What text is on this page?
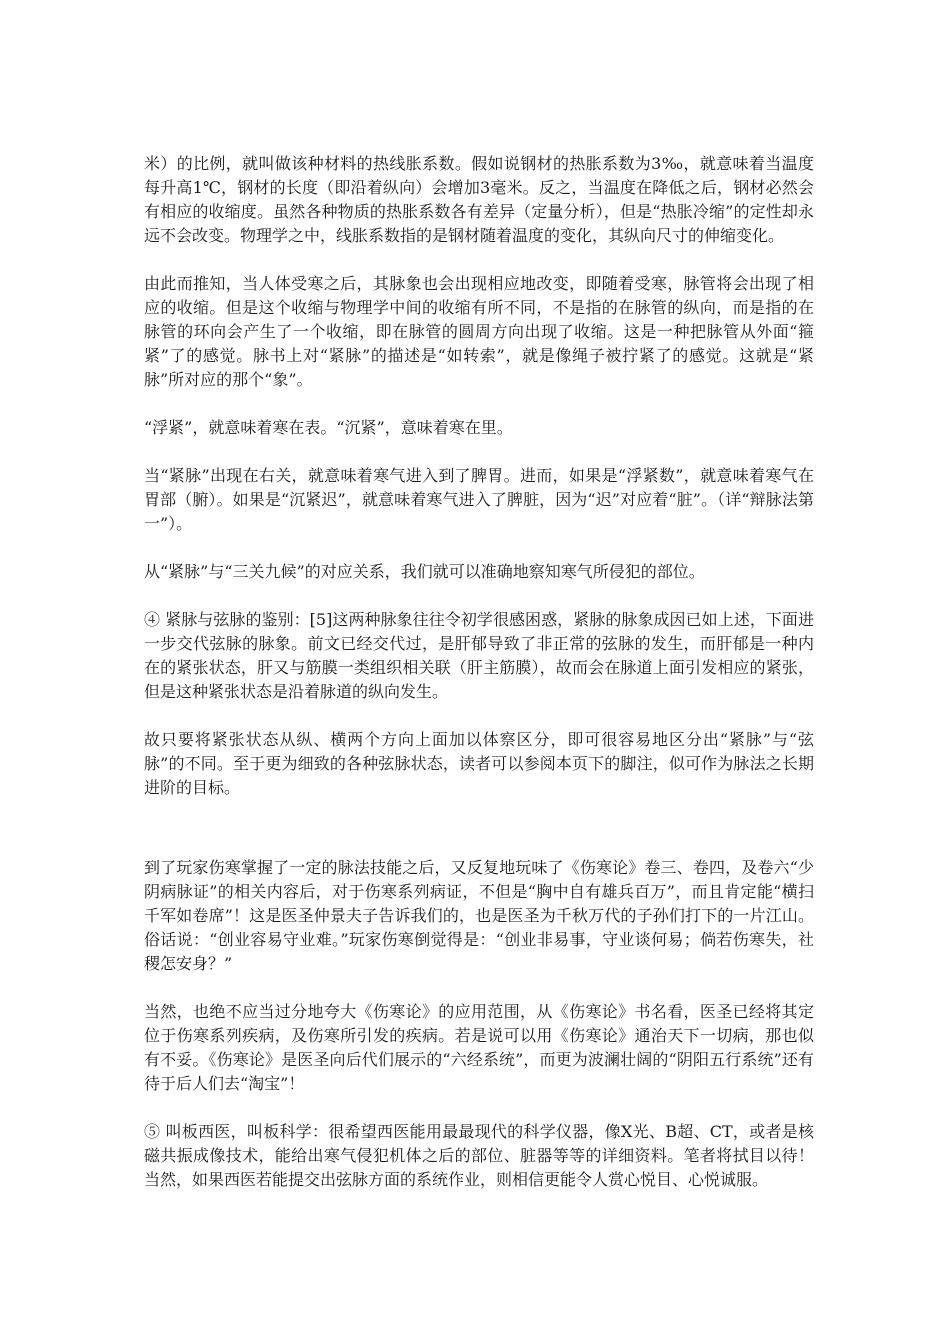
米）的比例，就叫做该种材料的热线胀系数。假如说钢材的热胀系数为3‰，就意味着当温度每升高1℃，钢材的长度（即沿着纵向）会增加3毫米。反之，当温度在降低之后，钢材必然会有相应的收缩度。虽然各种物质的热胀系数各有差异（定量分析），但是“热胀冷缩”的定性却永远不会改变。物理学之中，线胀系数指的是钢材随着温度的变化，其纵向尺寸的伸缩变化。

由此而推知，当人体受寒之后，其脉象也会出现相应地改变，即随着受寒，脉管将会出现了相应的收缩。但是这个收缩与物理学中间的收缩有所不同，不是指的在脉管的纵向，而是指的在脉管的环向会产生了一个收缩，即在脉管的圆周方向出现了收缩。这是一种把脉管从外面“箍紧”了的感觉。脉书上对“紧脉”的描述是“如转索”，就是像绳子被拧紧了的感觉。这就是“紧脉”所对应的那个“象”。

“浮紧”，就意味着寒在表。“沉紧”，意味着寒在里。

当“紧脉”出现在右关，就意味着寒气进入到了脾胃。进而，如果是“浮紧数”，就意味着寒气在胃部（腑）。如果是“沉紧迟”，就意味着寒气进入了脾脏，因为“迟”对应着“脏”。（详“辩脉法第一”）。

从“紧脉”与“三关九候”的对应关系，我们就可以准确地察知寒气所侵犯的部位。

④ 紧脉与弦脉的鉴别：[5]这两种脉象往往令初学很感困惑，紧脉的脉象成因已如上述，下面进一步交代弦脉的脉象。前文已经交代过，是肝郁导致了非正常的弦脉的发生，而肝郁是一种内在的紧张状态，肝又与筋膜一类组织相关联（肝主筋膜），故而会在脉道上面引发相应的紧张，但是这种紧张状态是沿着脉道的纵向发生。

故只要将紧张状态从纵、横两个方向上面加以体察区分，即可很容易地区分出“紧脉”与“弦脉”的不同。至于更为细致的各种弦脉状态，读者可以参阅本页下的脚注，似可作为脉法之长期进阶的目标。

到了玩家伤寒掌握了一定的脉法技能之后，又反复地玩味了《伤寒论》卷三、卷四，及卷六“少阴病脉证”的相关内容后，对于伤寒系列病证，不但是“胸中自有雄兵百万”，而且肯定能“横扫千军如卷席”！这是医圣仲景夫子告诉我们的，也是医圣为千秋万代的子孙们打下的一片江山。俗话说：“创业容易守业难。”玩家伤寒倒觉得是：“创业非易事，守业谈何易；倘若伤寒失，社稷怎安身？”

当然，也绝不应当过分地夸大《伤寒论》的应用范围，从《伤寒论》书名看，医圣已经将其定位于伤寒系列疾病，及伤寒所引发的疾病。若是说可以用《伤寒论》通治天下一切病，那也似有不妥。《伤寒论》是医圣向后代们展示的“六经系统”，而更为波澜壮阔的“阴阳五行系统”还有待于后人们去“淘宝”！

⑤ 叫板西医，叫板科学：很希望西医能用最最现代的科学仪器，像X光、B超、CT，或者是核磁共振成像技术，能给出寒气侵犯机体之后的部位、脏器等等的详细资料。笔者将拭目以待！当然，如果西医若能提交出弦脉方面的系统作业，则相信更能令人赏心悦目、心悦诚服。
